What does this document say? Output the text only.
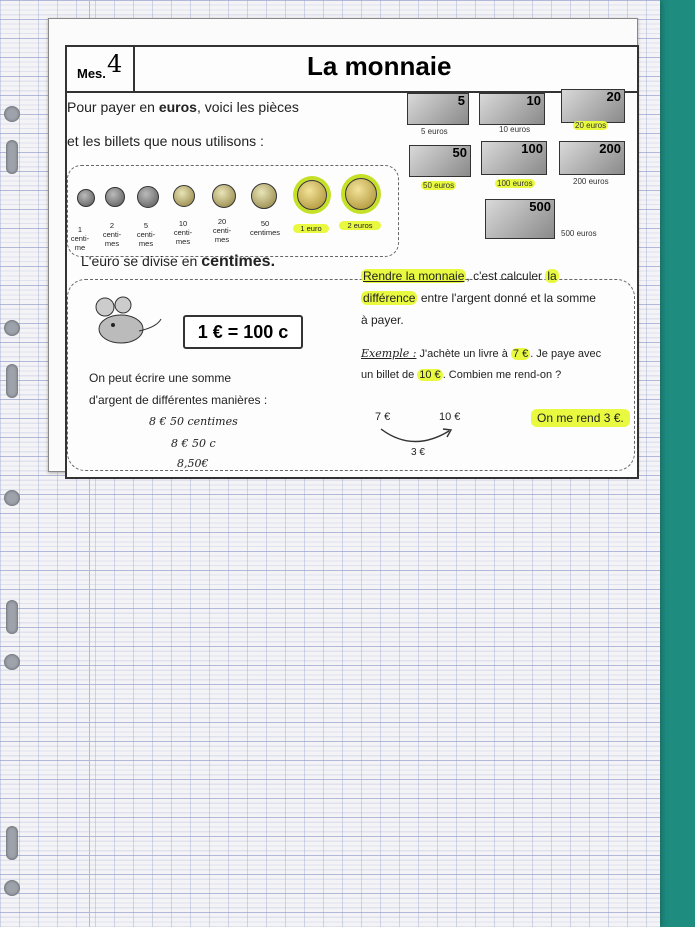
Mes. 4	La monnaie
Pour payer en euros, voici les pièces
et les billets que nous utilisons :
1
centi-
me
2
centi-
mes
5
centi-
mes
10
centi-
mes
20
centi-
mes
50
centimes	1 euro	2 euros
5	10	20
5 euros	10 euros	20 euros
50	100	200
50 euros	100 euros	200 euros
500
500 euros
L'euro se divise en centimes.
1 € = 100 c
On peut écrire une somme
d'argent de différentes manières :
8 € 50 centimes
8 € 50 c
8,50€
Rendre la monnaie , c'est calculer la
différence entre l'argent donné et la somme
à payer.
Exemple : J'achète un livre à 7 € . Je paye avec
un billet de 10 € . Combien me rend-on ?
7 €	10 €
3 €
On me rend 3 €.
